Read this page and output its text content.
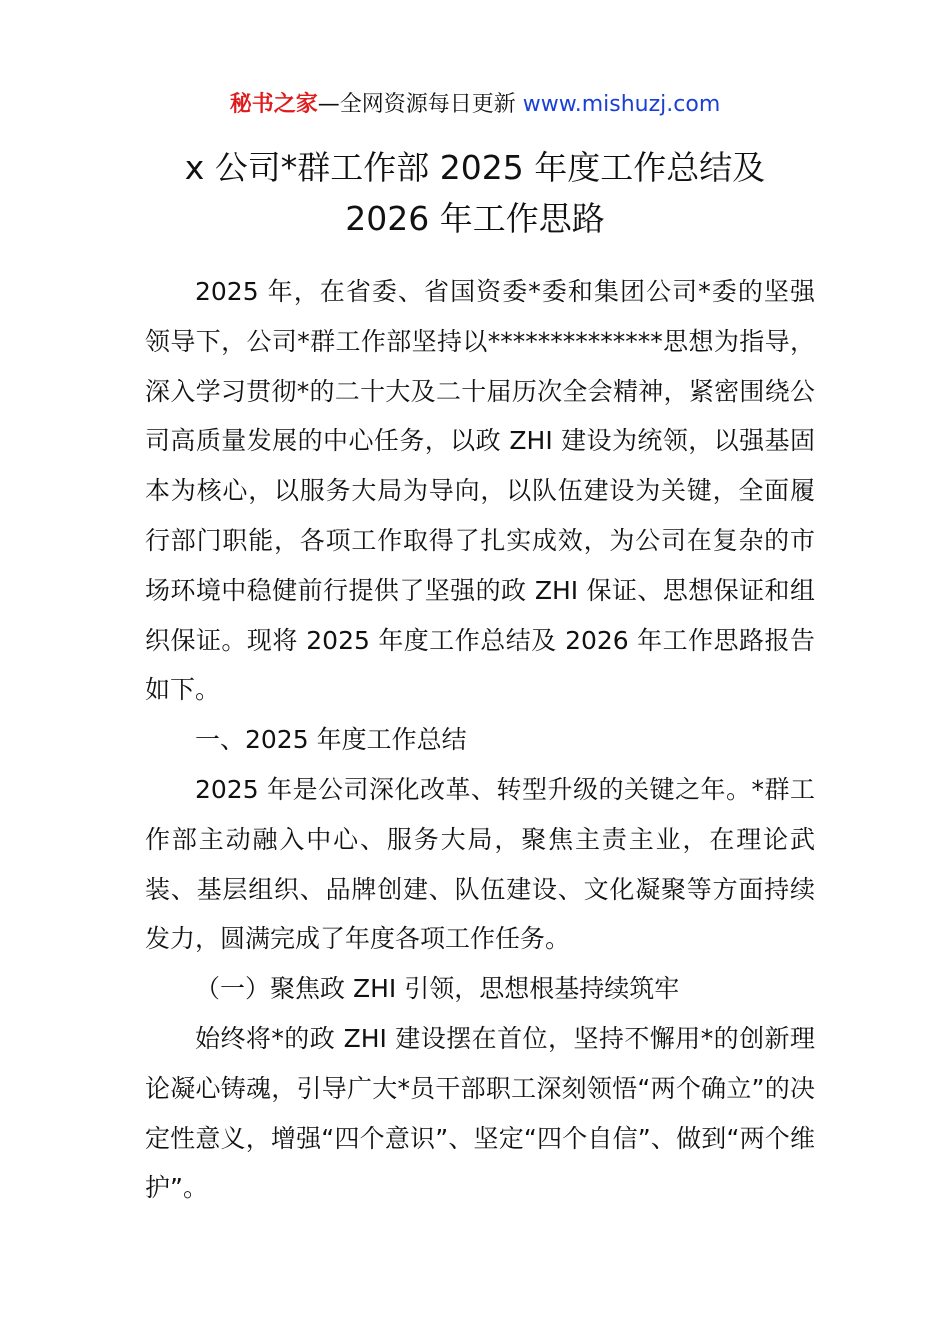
秘书之家—全网资源每日更新 www.mishuzj.com
x 公司*群工作部 2025 年度工作总结及
2026 年工作思路

2025 年，在省委、省国资委*委和集团公司*委的坚强领导下，公司*群工作部坚持以**************思想为指导，深入学习贯彻*的二十大及二十届历次全会精神，紧密围绕公司高质量发展的中心任务，以政 ZHI 建设为统领，以强基固本为核心，以服务大局为导向，以队伍建设为关键，全面履行部门职能，各项工作取得了扎实成效，为公司在复杂的市场环境中稳健前行提供了坚强的政 ZHI 保证、思想保证和组织保证。现将 2025 年度工作总结及 2026 年工作思路报告如下。

一、2025 年度工作总结

2025 年是公司深化改革、转型升级的关键之年。*群工作部主动融入中心、服务大局，聚焦主责主业，在理论武装、基层组织、品牌创建、队伍建设、文化凝聚等方面持续发力，圆满完成了年度各项工作任务。

（一）聚焦政 ZHI 引领，思想根基持续筑牢

始终将*的政 ZHI 建设摆在首位，坚持不懈用*的创新理论凝心铸魂，引导广大*员干部职工深刻领悟“两个确立”的决定性意义，增强“四个意识”、坚定“四个自信”、做到“两个维护”。
